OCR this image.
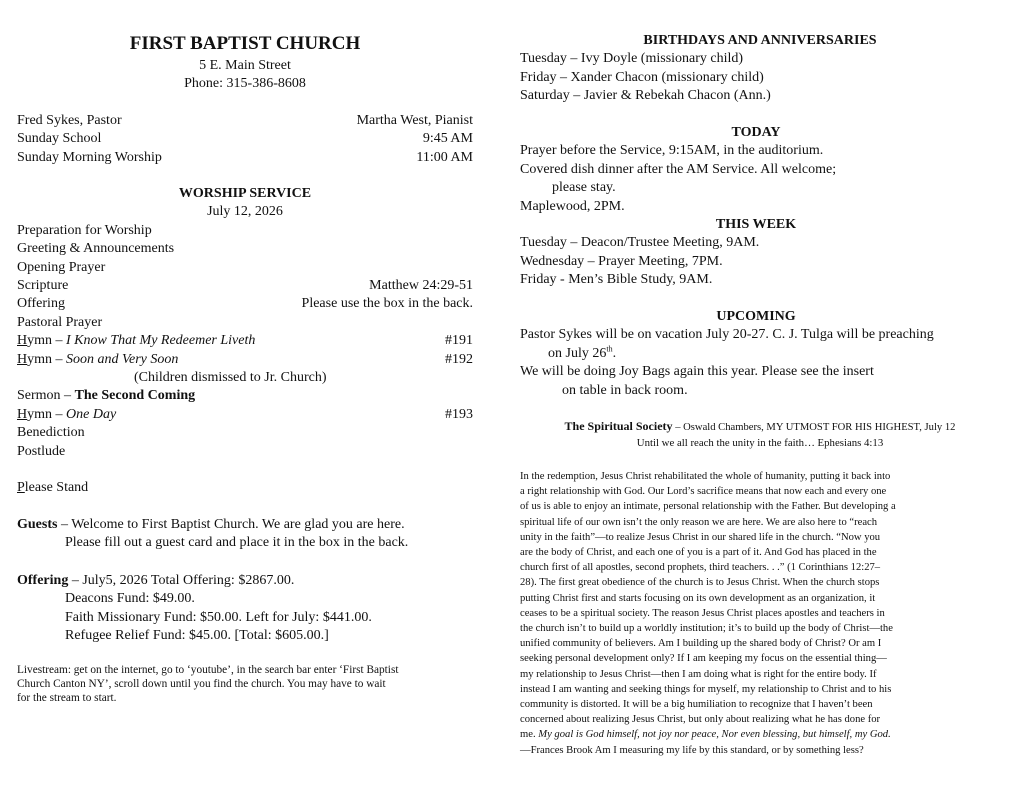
FIRST BAPTIST CHURCH
5 E. Main Street
Phone: 315-386-8608
Fred Sykes, Pastor	Martha West, Pianist
Sunday School	9:45 AM
Sunday Morning Worship	11:00 AM
WORSHIP SERVICE
July 12, 2026
Preparation for Worship
Greeting & Announcements
Opening Prayer
Scripture	Matthew 24:29-51
Offering	Please use the box in the back.
Pastoral Prayer
Hymn – I Know That My Redeemer Liveth	#191
Hymn – Soon and Very Soon	#192
(Children dismissed to Jr. Church)
Sermon – The Second Coming
Hymn – One Day	#193
Benediction
Postlude
Please Stand
Guests – Welcome to First Baptist Church. We are glad you are here.
Please fill out a guest card and place it in the box in the back.
Offering – July5, 2026 Total Offering: $2867.00.
Deacons Fund: $49.00.
Faith Missionary Fund: $50.00. Left for July: $441.00.
Refugee Relief Fund: $45.00. [Total: $605.00.]
Livestream: get on the internet, go to ‘youtube’, in the search bar enter ‘First Baptist
Church Canton NY’, scroll down until you find the church. You may have to wait
for the stream to start.
BIRTHDAYS AND ANNIVERSARIES
Tuesday – Ivy Doyle (missionary child)
Friday – Xander Chacon (missionary child)
Saturday – Javier & Rebekah Chacon (Ann.)
TODAY
Prayer before the Service, 9:15AM, in the auditorium.
Covered dish dinner after the AM Service. All welcome;
please stay.
Maplewood, 2PM.
THIS WEEK
Tuesday – Deacon/Trustee Meeting, 9AM.
Wednesday – Prayer Meeting, 7PM.
Friday - Men’s Bible Study, 9AM.
UPCOMING
Pastor Sykes will be on vacation July 20-27. C. J. Tulga will be preaching
on July 26th.
We will be doing Joy Bags again this year. Please see the insert
on table in back room.
The Spiritual Society – Oswald Chambers, MY UTMOST FOR HIS HIGHEST, July 12
Until we all reach the unity in the faith… Ephesians 4:13
In the redemption, Jesus Christ rehabilitated the whole of humanity, putting it back into
a right relationship with God. Our Lord’s sacrifice means that now each and every one
of us is able to enjoy an intimate, personal relationship with the Father. But developing a
spiritual life of our own isn’t the only reason we are here. We are also here to “reach
unity in the faith”—to realize Jesus Christ in our shared life in the church. “Now you
are the body of Christ, and each one of you is a part of it. And God has placed in the
church first of all apostles, second prophets, third teachers. . .” (1 Corinthians 12:27–
28). The first great obedience of the church is to Jesus Christ. When the church stops
putting Christ first and starts focusing on its own development as an organization, it
ceases to be a spiritual society. The reason Jesus Christ places apostles and teachers in
the church isn’t to build up a worldly institution; it’s to build up the body of Christ—the
unified community of believers. Am I building up the shared body of Christ? Or am I
seeking personal development only? If I am keeping my focus on the essential thing—
my relationship to Jesus Christ—then I am doing what is right for the entire body. If
instead I am wanting and seeking things for myself, my relationship to Christ and to his
community is distorted. It will be a big humiliation to recognize that I haven’t been
concerned about realizing Jesus Christ, but only about realizing what he has done for
me. My goal is God himself, not joy nor peace, Nor even blessing, but himself, my God.
—Frances Brook Am I measuring my life by this standard, or by something less?
